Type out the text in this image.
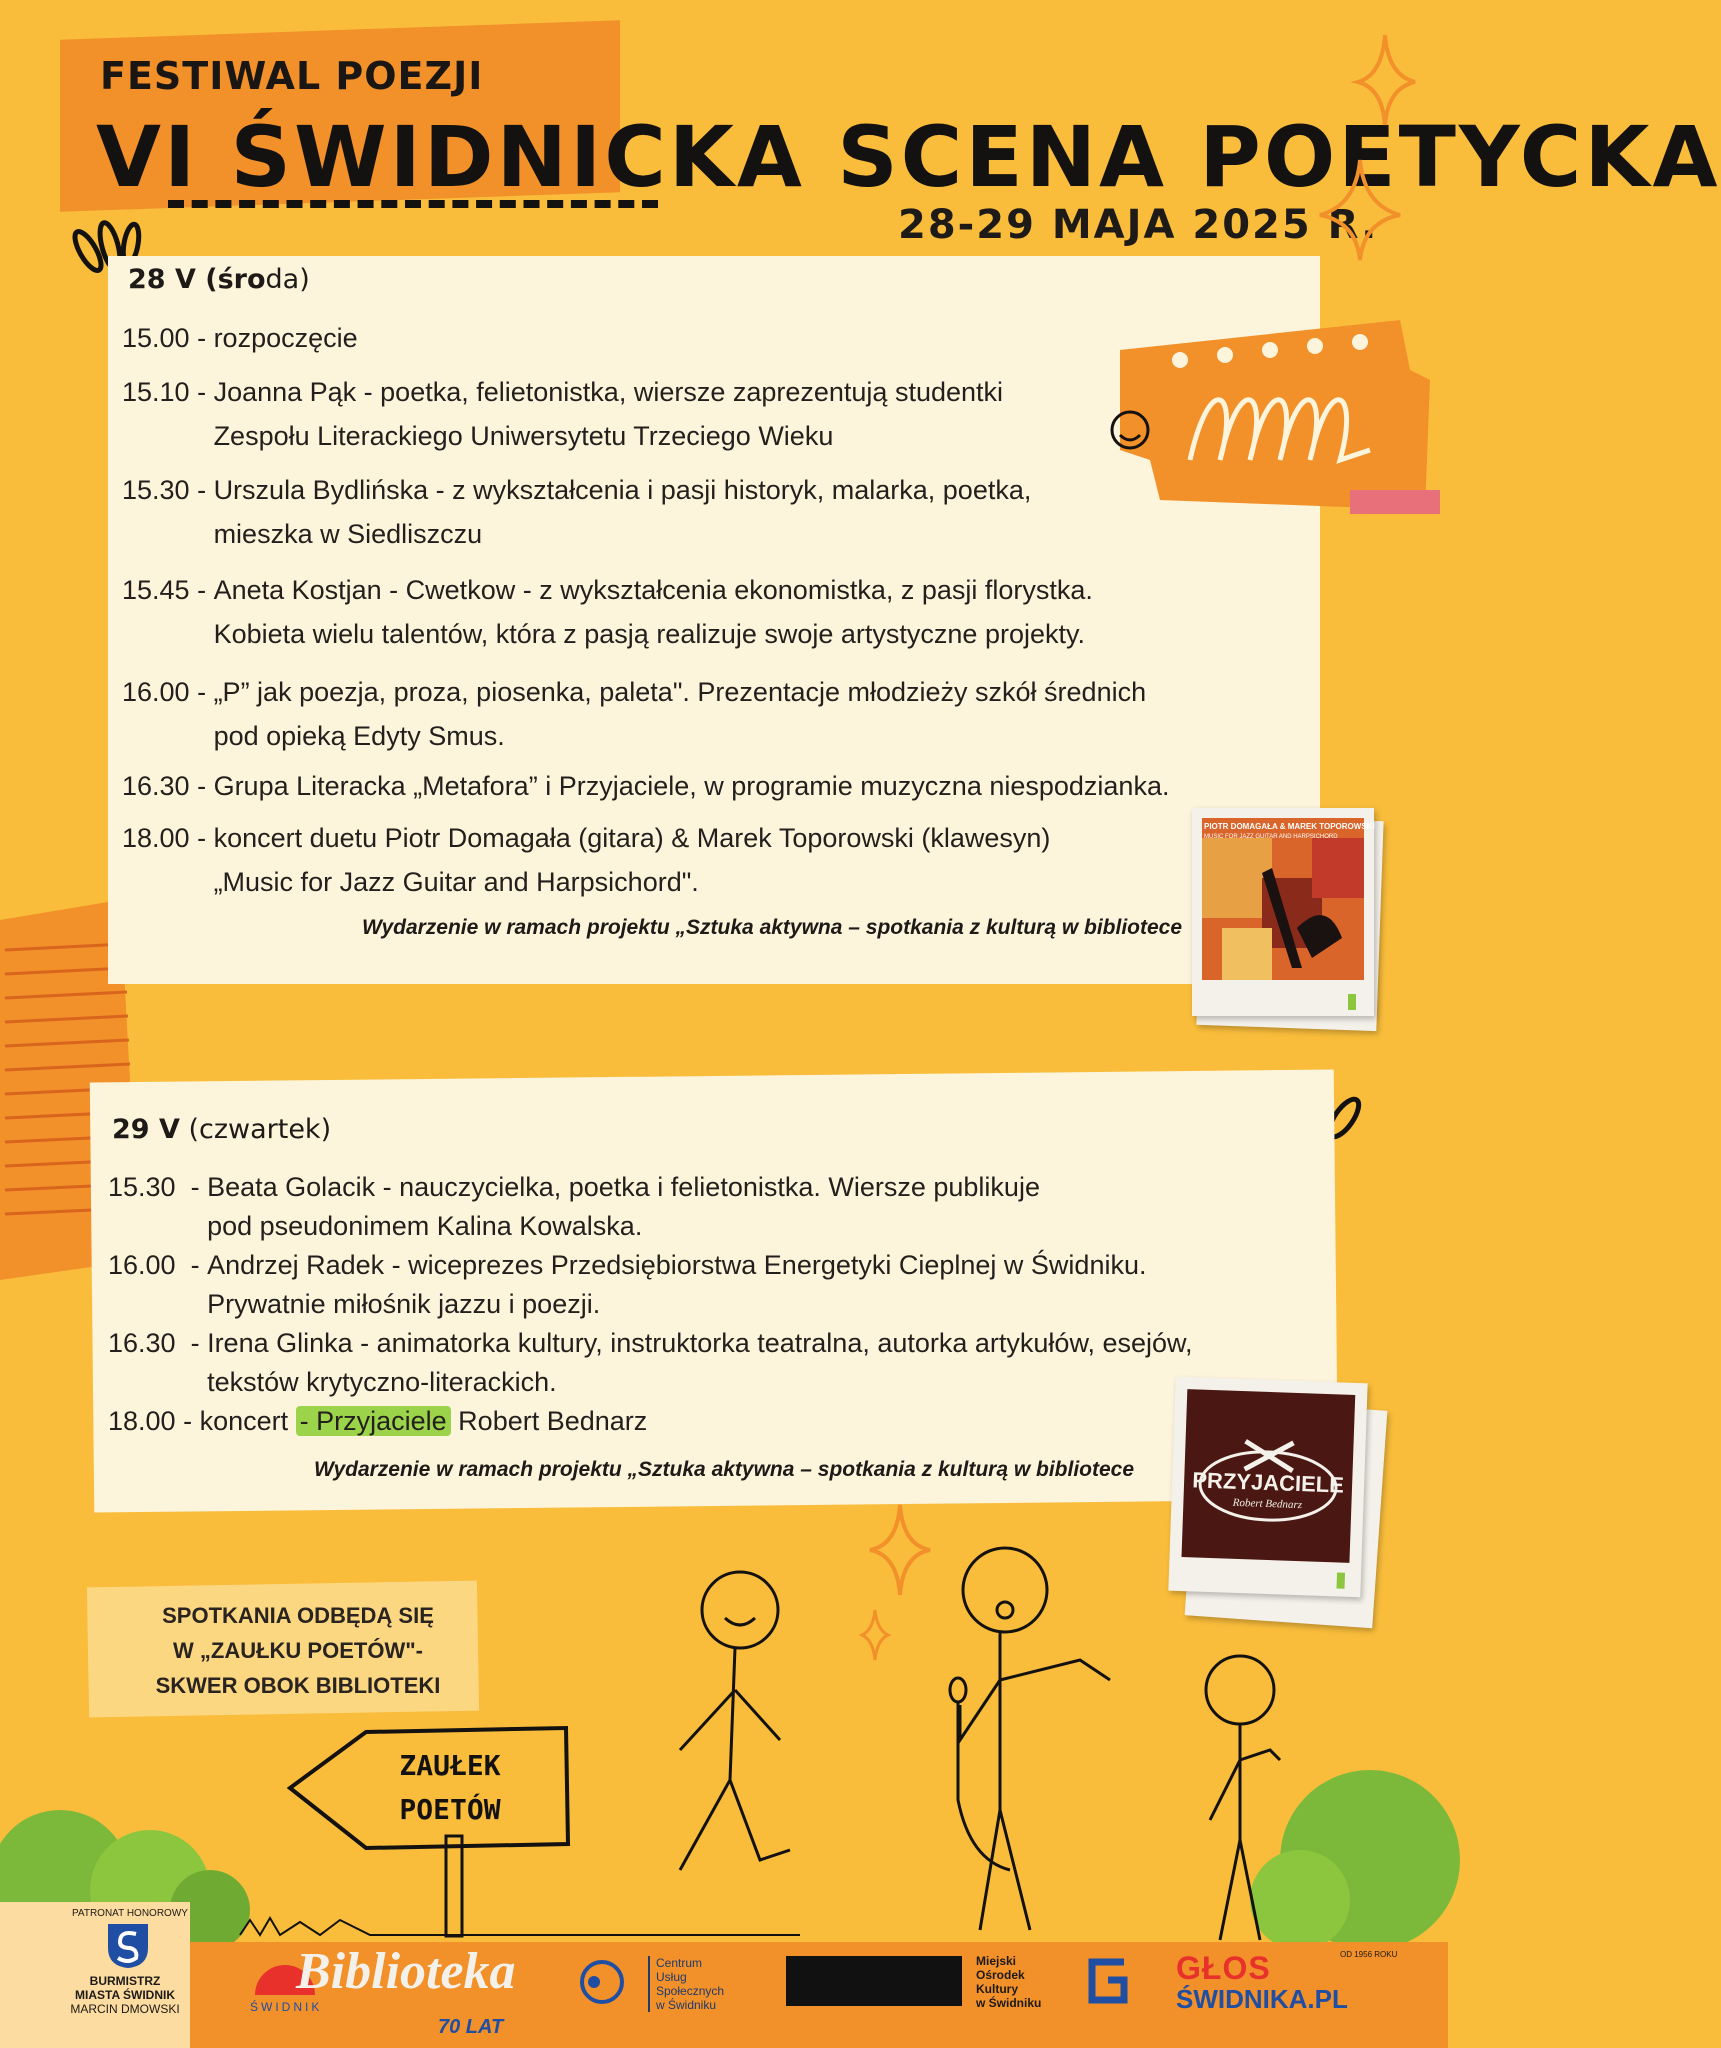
FESTIWAL POEZJI
VI ŚWIDNICKA SCENA POETYCKA
28-29 MAJA 2025 R.
28 V (środa)
15.00 - rozpoczęcie
15.10 - Joanna Pąk - poetka, felietonistka, wiersze zaprezentują studentki
Zespołu Literackiego Uniwersytetu Trzeciego Wieku
15.30 - Urszula Bydlińska - z wykształcenia i pasji historyk, malarka, poetka,
mieszka w Siedliszczu
15.45 - Aneta Kostjan - Cwetkow - z wykształcenia ekonomistka, z pasji florystka.
Kobieta wielu talentów, która z pasją realizuje swoje artystyczne projekty.
16.00 - „P” jak poezja, proza, piosenka, paleta". Prezentacje młodzieży szkół średnich
pod opieką Edyty Smus.
16.30 - Grupa Literacka „Metafora” i Przyjaciele, w programie muzyczna niespodzianka.
18.00 - koncert duetu Piotr Domagała (gitara) & Marek Toporowski (klawesyn)
„Music for Jazz Guitar and Harpsichord".
Wydarzenie w ramach projektu „Sztuka aktywna – spotkania z kulturą w bibliotece
PIOTR DOMAGAŁA & MAREK TOPOROWSKI
MUSIC FOR JAZZ GUITAR AND HARPSICHORD
29 V (czwartek)
15.30  - Beata Golacik - nauczycielka, poetka i felietonistka. Wiersze publikuje
pod pseudonimem Kalina Kowalska.
16.00  - Andrzej Radek - wiceprezes Przedsiębiorstwa Energetyki Cieplnej w Świdniku.
Prywatnie miłośnik jazzu i poezji.
16.30  - Irena Glinka - animatorka kultury, instruktorka teatralna, autorka artykułów, esejów,
tekstów krytyczno-literackich.
18.00 - koncert - Przyjaciele Robert Bednarz
Wydarzenie w ramach projektu „Sztuka aktywna – spotkania z kulturą w bibliotece	PRZYJACIELE
Robert Bednarz
SPOTKANIA ODBĘDĄ SIĘ
W „ZAUŁKU POETÓW"-
SKWER OBOK BIBLIOTEKI
ZAUŁEK
POETÓW
PATRONAT HONOROWY
BURMISTRZ
MIASTA ŚWIDNIK
MARCIN DMOWSKI
Biblioteka
ŚWIDNIK
70 LAT
Centrum
Usług
Społecznych
w Świdniku
Miejski
Ośrodek
Kultury
w Świdniku
GŁOS
ŚWIDNIKA.PL
OD 1956 ROKU
